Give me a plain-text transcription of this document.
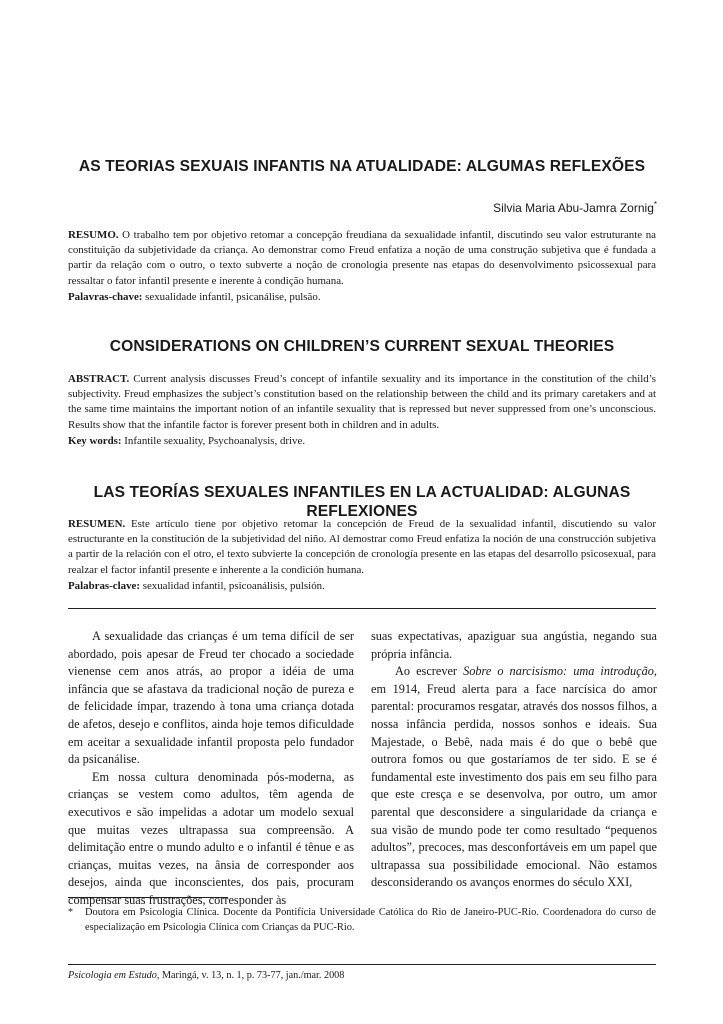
AS TEORIAS SEXUAIS INFANTIS NA ATUALIDADE: ALGUMAS REFLEXÕES
Silvia Maria Abu-Jamra Zornig*
RESUMO. O trabalho tem por objetivo retomar a concepção freudiana da sexualidade infantil, discutindo seu valor estruturante na constituição da subjetividade da criança. Ao demonstrar como Freud enfatiza a noção de uma construção subjetiva que é fundada a partir da relação com o outro, o texto subverte a noção de cronologia presente nas etapas do desenvolvimento psicossexual para ressaltar o fator infantil presente e inerente à condição humana.
Palavras-chave: sexualidade infantil, psicanálise, pulsão.
CONSIDERATIONS ON CHILDREN’S CURRENT SEXUAL THEORIES
ABSTRACT. Current analysis discusses Freud’s concept of infantile sexuality and its importance in the constitution of the child’s subjectivity. Freud emphasizes the subject’s constitution based on the relationship between the child and its primary caretakers and at the same time maintains the important notion of an infantile sexuality that is repressed but never suppressed from one’s unconscious. Results show that the infantile factor is forever present both in children and in adults.
Key words: Infantile sexuality, Psychoanalysis, drive.
LAS TEORÍAS SEXUALES INFANTILES EN LA ACTUALIDAD: ALGUNAS REFLEXIONES
RESUMEN. Este artículo tiene por objetivo retomar la concepción de Freud de la sexualidad infantil, discutiendo su valor estructurante en la constitución de la subjetividad del niño. Al demostrar como Freud enfatiza la noción de una construcción subjetiva a partir de la relación con el otro, el texto subvierte la concepción de cronología presente en las etapas del desarrollo psicosexual, para realzar el factor infantil presente e inherente a la condición humana.
Palabras-clave: sexualidad infantil, psicoanálisis, pulsión.

A sexualidade das crianças é um tema difícil de ser abordado, pois apesar de Freud ter chocado a sociedade vienense cem anos atrás, ao propor a idéia de uma infância que se afastava da tradicional noção de pureza e de felicidade ímpar, trazendo à tona uma criança dotada de afetos, desejo e conflitos, ainda hoje temos dificuldade em aceitar a sexualidade infantil proposta pelo fundador da psicanálise.

Em nossa cultura denominada pós-moderna, as crianças se vestem como adultos, têm agenda de executivos e são impelidas a adotar um modelo sexual que muitas vezes ultrapassa sua compreensão. A delimitação entre o mundo adulto e o infantil é tênue e as crianças, muitas vezes, na ânsia de corresponder aos desejos, ainda que inconscientes, dos pais, procuram compensar suas frustrações, corresponder às

suas expectativas, apaziguar sua angústia, negando sua própria infância.

Ao escrever Sobre o narcisismo: uma introdução, em 1914, Freud alerta para a face narcísica do amor parental: procuramos resgatar, através dos nossos filhos, a nossa infância perdida, nossos sonhos e ideais. Sua Majestade, o Bebê, nada mais é do que o bebê que outrora fomos ou que gostaríamos de ter sido. E se é fundamental este investimento dos pais em seu filho para que este cresça e se desenvolva, por outro, um amor parental que desconsidere a singularidade da criança e sua visão de mundo pode ter como resultado “pequenos adultos”, precoces, mas desconfortáveis em um papel que ultrapassa sua possibilidade emocional. Não estamos desconsiderando os avanços enormes do século XXI,

* Doutora em Psicologia Clínica. Docente da Pontifícia Universidade Católica do Rio de Janeiro-PUC-Rio. Coordenadora do curso de especialização em Psicologia Clínica com Crianças da PUC-Rio.
Psicologia em Estudo, Maringá, v. 13, n. 1, p. 73-77, jan./mar. 2008
